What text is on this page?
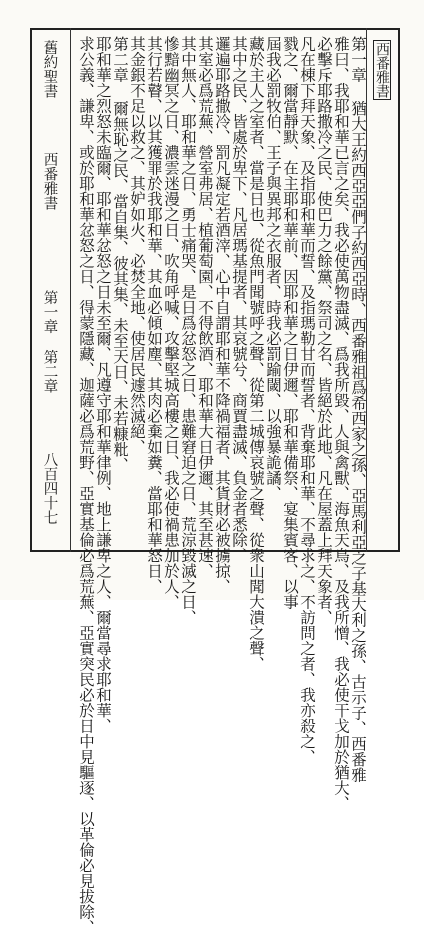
西番雅書
舊約聖書
西番雅書
第一章 第二章
八百四十七	第一章 猶大王約西亞亞們子約西亞時、西番雅祖爲希西家之孫、亞馬利亞之子基大利之孫、古示子、西番雅
雅曰、我耶和華已言之矣、我必使萬物盡滅、爲我所毀、人與禽獸、海魚天鳥、及我所憎、我必使干戈加於猶大、
必擊斥耶路撒冷之民、使巴力之餘黨、祭司之名、皆絕於此地、凡在屋蓋上拜天象者、
凡在棟下拜天象、及指耶和華而誓、及指瑪勒甘而誓者、背棄耶和華、不尋求之、不訪問之者、我亦殺之、
戮之、爾當靜默、在主耶和華前、因耶和華之日伊邇、耶和華備祭、宴集賓客、以事
屆我必罰牧伯、王子與異邦之衣服者、時我必罰踰閾、以強暴詭譎、
藏於主人之室者、當是日也、從魚門聞號呼之聲、從第二城傳哀號之聲、從衆山聞大潰之聲、
其中之民、皆處於卑下、凡居瑪基提者、其哀號兮、商賈盡滅、負金者悉除、
邏遍耶路撒冷、罰凡凝定若酒滓、心中自謂耶和華不降禍福者、其貨財必被擄掠、
其室必爲荒蕪、營室弗居、植葡萄園、不得飲酒、耶和華大日伊邇、其至甚速、
其中無人、耶和華之日、勇士痛哭、是日爲忿怒之日、患難窘迫之日、荒涼毀滅之日、
慘黯幽冥之日、濃雲迷漫之日、吹角呼喊、攻擊堅城高樓之日、我必使禍患加於人、
其行若瞽、以其獲罪於我耶和華、其血必傾如塵、其肉必棄如糞、當耶和華怒日、
其金銀不足以救之、其妒如火、必焚全地、使居民遽然滅絕、
第二章 爾無恥之民、當自集、彼其集、未至天日、未若糠粃、
耶和華之烈怒未臨爾、耶和華忿怒之日未至爾、凡遵守耶和華律例、地上謙卑之人、爾當尋求耶和華、
求公義、謙卑、或於耶和華忿怒之日、得蒙隱藏、迦薩必爲荒野、亞實基倫必爲荒蕪、亞實突民必於日中見驅逐、以革倫必見拔除、
